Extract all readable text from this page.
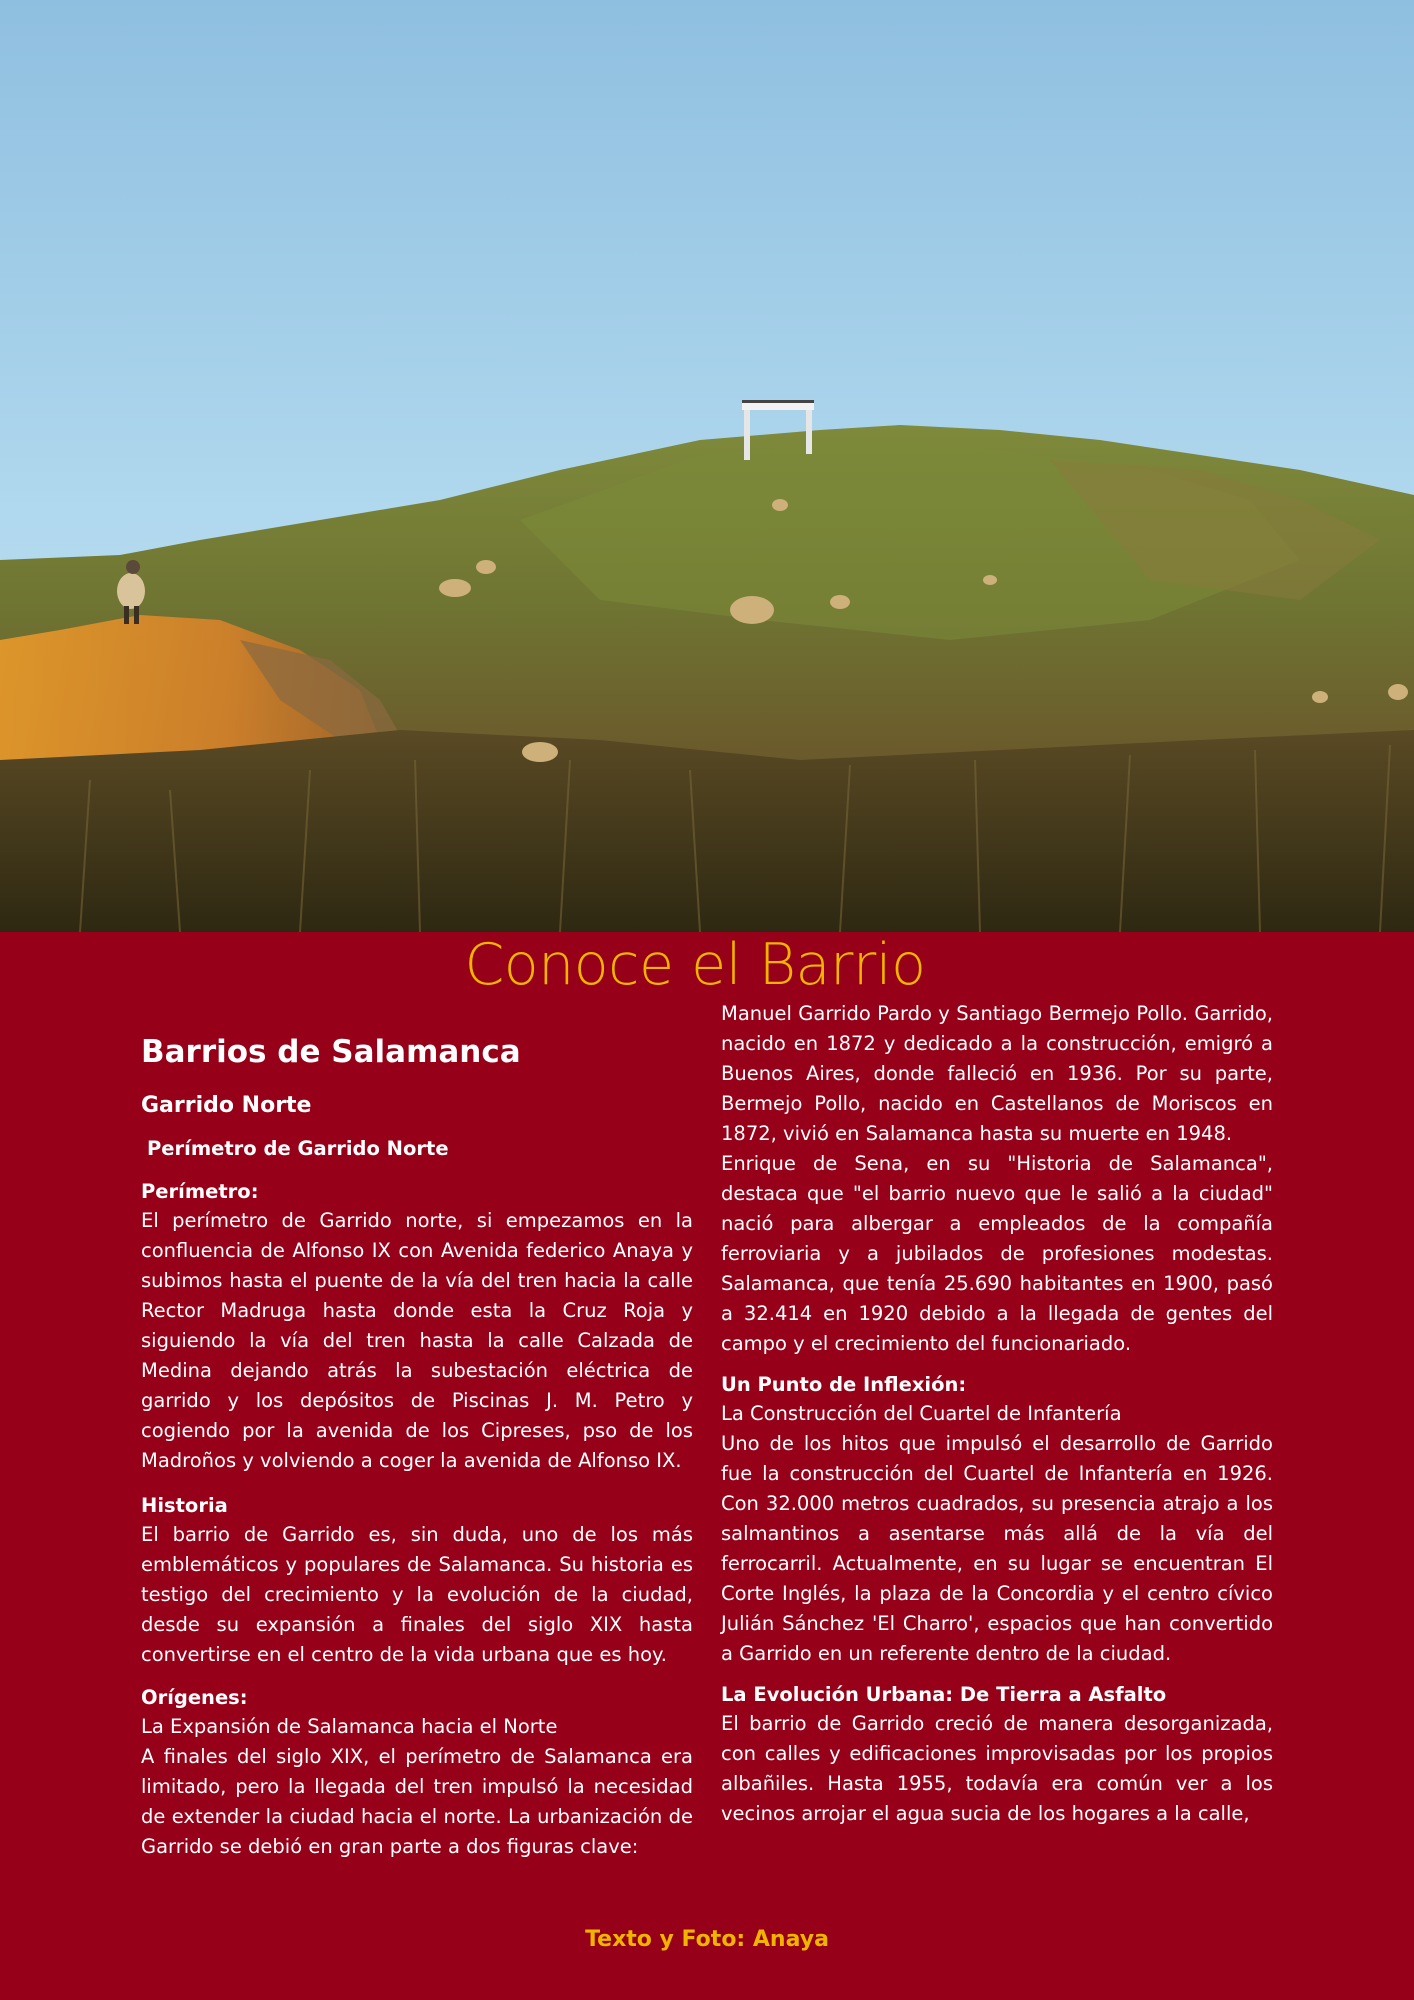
Conoce el Barrio
Barrios de Salamanca
Garrido Norte
Perímetro de Garrido Norte
Perímetro:

El perímetro de Garrido norte, si empezamos en la confluencia de Alfonso IX con Avenida federico Anaya y subimos hasta el puente de la vía del tren hacia la calle Rector Madruga hasta donde esta la Cruz Roja y siguiendo la vía del tren hasta la calle Calzada de Medina dejando atrás la subestación eléctrica de garrido y los depósitos de Piscinas J. M. Petro y cogiendo por la avenida de los Cipreses, pso de los Madroños y volviendo a coger la avenida de Alfonso IX.

Historia

El barrio de Garrido es, sin duda, uno de los más emblemáticos y populares de Salamanca. Su historia es testigo del crecimiento y la evolución de la ciudad, desde su expansión a finales del siglo XIX hasta convertirse en el centro de la vida urbana que es hoy.

Orígenes:
La Expansión de Salamanca hacia el Norte

A finales del siglo XIX, el perímetro de Salamanca era limitado, pero la llegada del tren impulsó la necesidad de extender la ciudad hacia el norte. La urbanización de Garrido se debió en gran parte a dos figuras clave:

Manuel Garrido Pardo y Santiago Bermejo Pollo. Garrido, nacido en 1872 y dedicado a la construcción, emigró a Buenos Aires, donde falleció en 1936. Por su parte, Bermejo Pollo, nacido en Castellanos de Moriscos en 1872, vivió en Salamanca hasta su muerte en 1948.

Enrique de Sena, en su "Historia de Salamanca", destaca que "el barrio nuevo que le salió a la ciudad" nació para albergar a empleados de la compañía ferroviaria y a jubilados de profesiones modestas. Salamanca, que tenía 25.690 habitantes en 1900, pasó a 32.414 en 1920 debido a la llegada de gentes del campo y el crecimiento del funcionariado.

Un Punto de Inflexión:
La Construcción del Cuartel de Infantería

Uno de los hitos que impulsó el desarrollo de Garrido fue la construcción del Cuartel de Infantería en 1926. Con 32.000 metros cuadrados, su presencia atrajo a los salmantinos a asentarse más allá de la vía del ferrocarril. Actualmente, en su lugar se encuentran El Corte Inglés, la plaza de la Concordia y el centro cívico Julián Sánchez 'El Charro', espacios que han convertido a Garrido en un referente dentro de la ciudad.

La Evolución Urbana: De Tierra a Asfalto

El barrio de Garrido creció de manera desorganizada, con calles y edificaciones improvisadas por los propios albañiles. Hasta 1955, todavía era común ver a los vecinos arrojar el agua sucia de los hogares a la calle,

Texto y Foto: Anaya
